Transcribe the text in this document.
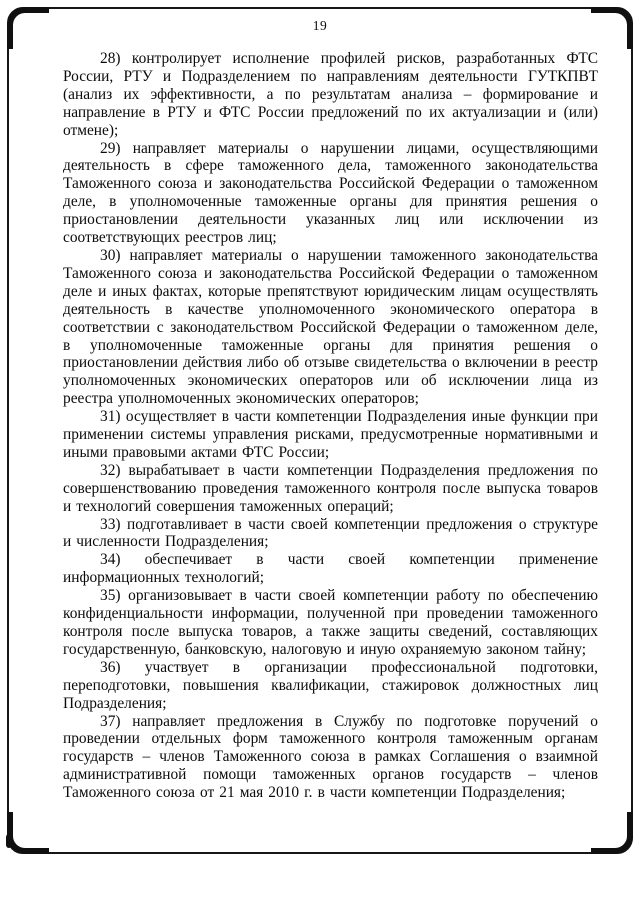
19

28) контролирует исполнение профилей рисков, разработанных ФТС России, РТУ и Подразделением по направлениям деятельности ГУТКПВТ (анализ их эффективности, а по результатам анализа – формирование и направление в РТУ и ФТС России предложений по их актуализации и (или) отмене);

29) направляет материалы о нарушении лицами, осуществляющими деятельность в сфере таможенного дела, таможенного законодательства Таможенного союза и законодательства Российской Федерации о таможенном деле, в уполномоченные таможенные органы для принятия решения о приостановлении деятельности указанных лиц или исключении из соответствующих реестров лиц;

30) направляет материалы о нарушении таможенного законодательства Таможенного союза и законодательства Российской Федерации о таможенном деле и иных фактах, которые препятствуют юридическим лицам осуществлять деятельность в качестве уполномоченного экономического оператора в соответствии с законодательством Российской Федерации о таможенном деле, в уполномоченные таможенные органы для принятия решения о приостановлении действия либо об отзыве свидетельства о включении в реестр уполномоченных экономических операторов или об исключении лица из реестра уполномоченных экономических операторов;

31) осуществляет в части компетенции Подразделения иные функции при применении системы управления рисками, предусмотренные нормативными и иными правовыми актами ФТС России;

32) вырабатывает в части компетенции Подразделения предложения по совершенствованию проведения таможенного контроля после выпуска товаров и технологий совершения таможенных операций;

33) подготавливает в части своей компетенции предложения о структуре и численности Подразделения;

34) обеспечивает в части своей компетенции применение информационных технологий;

35) организовывает в части своей компетенции работу по обеспечению конфиденциальности информации, полученной при проведении таможенного контроля после выпуска товаров, а также защиты сведений, составляющих государственную, банковскую, налоговую и иную охраняемую законом тайну;

36) участвует в организации профессиональной подготовки, переподготовки, повышения квалификации, стажировок должностных лиц Подразделения;

37) направляет предложения в Службу по подготовке поручений о проведении отдельных форм таможенного контроля таможенным органам государств – членов Таможенного союза в рамках Соглашения о взаимной административной помощи таможенных органов государств – членов Таможенного союза от 21 мая 2010 г. в части компетенции Подразделения;
